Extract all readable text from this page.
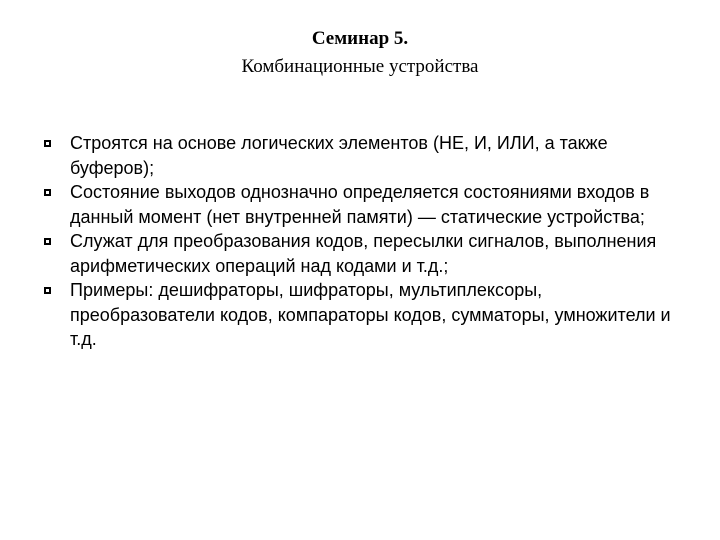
Семинар 5.
Комбинационные устройства
Строятся на основе логических элементов (НЕ, И, ИЛИ, а также буферов);
Состояние выходов однозначно определяется состояниями входов в данный момент (нет внутренней памяти) — статические устройства;
Служат для преобразования кодов, пересылки сигналов, выполнения арифметических операций над кодами и т.д.;
Примеры: дешифраторы, шифраторы, мультиплексоры, преобразователи кодов, компараторы кодов, сумматоры, умножители и т.д.
